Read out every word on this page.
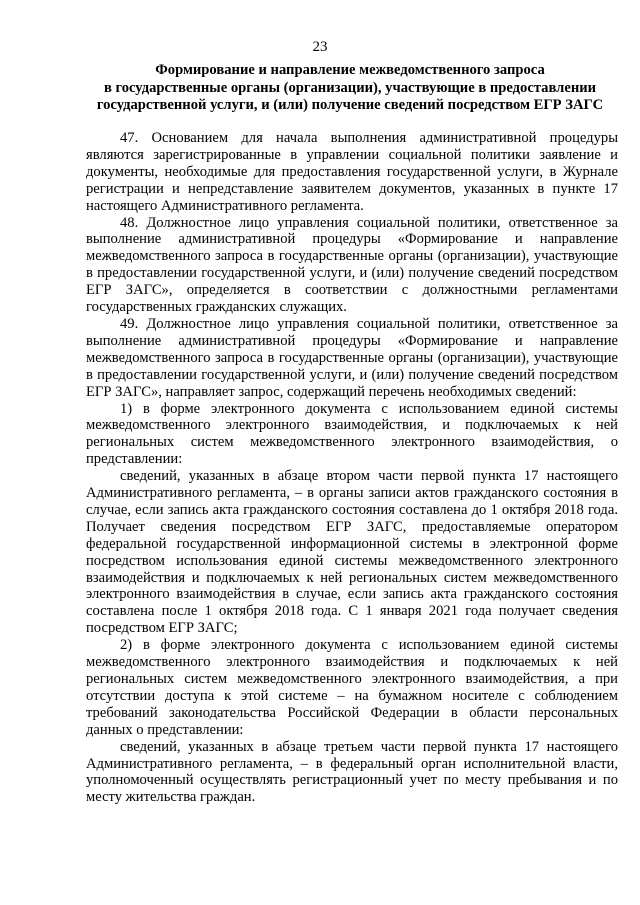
23
Формирование и направление межведомственного запроса
в государственные органы (организации), участвующие в предоставлении
государственной услуги, и (или) получение сведений посредством ЕГР ЗАГС

47. Основанием для начала выполнения административной процедуры являются зарегистрированные в управлении социальной политики заявление и документы, необходимые для предоставления государственной услуги, в Журнале регистрации и непредставление заявителем документов, указанных в пункте 17 настоящего Административного регламента.

48. Должностное лицо управления социальной политики, ответственное за выполнение административной процедуры «Формирование и направление межведомственного запроса в государственные органы (организации), участвующие в предоставлении государственной услуги, и (или) получение сведений посредством ЕГР ЗАГС», определяется в соответствии с должностными регламентами государственных гражданских служащих.

49. Должностное лицо управления социальной политики, ответственное за выполнение административной процедуры «Формирование и направление межведомственного запроса в государственные органы (организации), участвующие в предоставлении государственной услуги, и (или) получение сведений посредством ЕГР ЗАГС», направляет запрос, содержащий перечень необходимых сведений:

1) в форме электронного документа с использованием единой системы межведомственного электронного взаимодействия, и подключаемых к ней региональных систем межведомственного электронного взаимодействия, о представлении:

сведений, указанных в абзаце втором части первой пункта 17 настоящего Административного регламента, – в органы записи актов гражданского состояния в случае, если запись акта гражданского состояния составлена до 1 октября 2018 года. Получает сведения посредством ЕГР ЗАГС, предоставляемые оператором федеральной государственной информационной системы в электронной форме посредством использования единой системы межведомственного электронного взаимодействия и подключаемых к ней региональных систем межведомственного электронного взаимодействия в случае, если запись акта гражданского состояния составлена после 1 октября 2018 года. С 1 января 2021 года получает сведения посредством ЕГР ЗАГС;

2) в форме электронного документа с использованием единой системы межведомственного электронного взаимодействия и подключаемых к ней региональных систем межведомственного электронного взаимодействия, а при отсутствии доступа к этой системе – на бумажном носителе с соблюдением требований законодательства Российской Федерации в области персональных данных о представлении:

сведений, указанных в абзаце третьем части первой пункта 17 настоящего Административного регламента, – в федеральный орган исполнительной власти, уполномоченный осуществлять регистрационный учет по месту пребывания и по месту жительства граждан.
